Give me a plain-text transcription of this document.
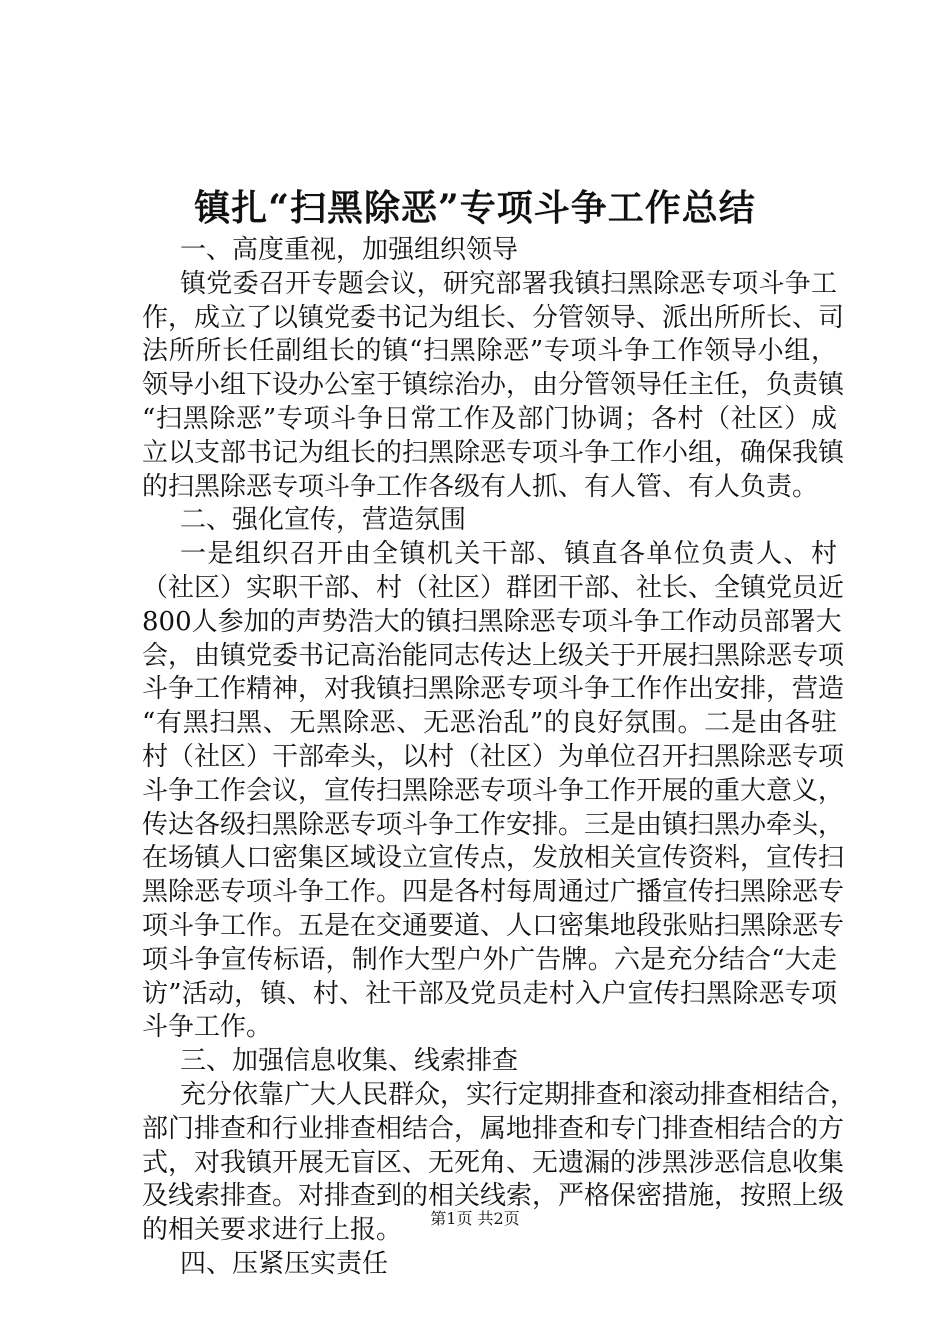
镇扎“扫黑除恶”专项斗争工作总结
一、高度重视，加强组织领导
镇党委召开专题会议，研究部署我镇扫黑除恶专项斗争工
作，成立了以镇党委书记为组长、分管领导、派出所所长、司
法所所长任副组长的镇“扫黑除恶”专项斗争工作领导小组，
领导小组下设办公室于镇综治办，由分管领导任主任，负责镇
“扫黑除恶”专项斗争日常工作及部门协调；各村（社区）成
立以支部书记为组长的扫黑除恶专项斗争工作小组，确保我镇
的扫黑除恶专项斗争工作各级有人抓、有人管、有人负责。
二、强化宣传，营造氛围
一是组织召开由全镇机关干部、镇直各单位负责人、村
（社区）实职干部、村（社区）群团干部、社长、全镇党员近
800人参加的声势浩大的镇扫黑除恶专项斗争工作动员部署大
会，由镇党委书记高治能同志传达上级关于开展扫黑除恶专项
斗争工作精神，对我镇扫黑除恶专项斗争工作作出安排，营造
“有黑扫黑、无黑除恶、无恶治乱”的良好氛围。二是由各驻
村（社区）干部牵头，以村（社区）为单位召开扫黑除恶专项
斗争工作会议，宣传扫黑除恶专项斗争工作开展的重大意义，
传达各级扫黑除恶专项斗争工作安排。三是由镇扫黑办牵头，
在场镇人口密集区域设立宣传点，发放相关宣传资料，宣传扫
黑除恶专项斗争工作。四是各村每周通过广播宣传扫黑除恶专
项斗争工作。五是在交通要道、人口密集地段张贴扫黑除恶专
项斗争宣传标语，制作大型户外广告牌。六是充分结合“大走
访”活动，镇、村、社干部及党员走村入户宣传扫黑除恶专项
斗争工作。
三、加强信息收集、线索排查
充分依靠广大人民群众，实行定期排查和滚动排查相结合，
部门排查和行业排查相结合，属地排查和专门排查相结合的方
式，对我镇开展无盲区、无死角、无遗漏的涉黑涉恶信息收集
及线索排查。对排查到的相关线索，严格保密措施，按照上级
的相关要求进行上报。
四、压紧压实责任
第1页 共2页
